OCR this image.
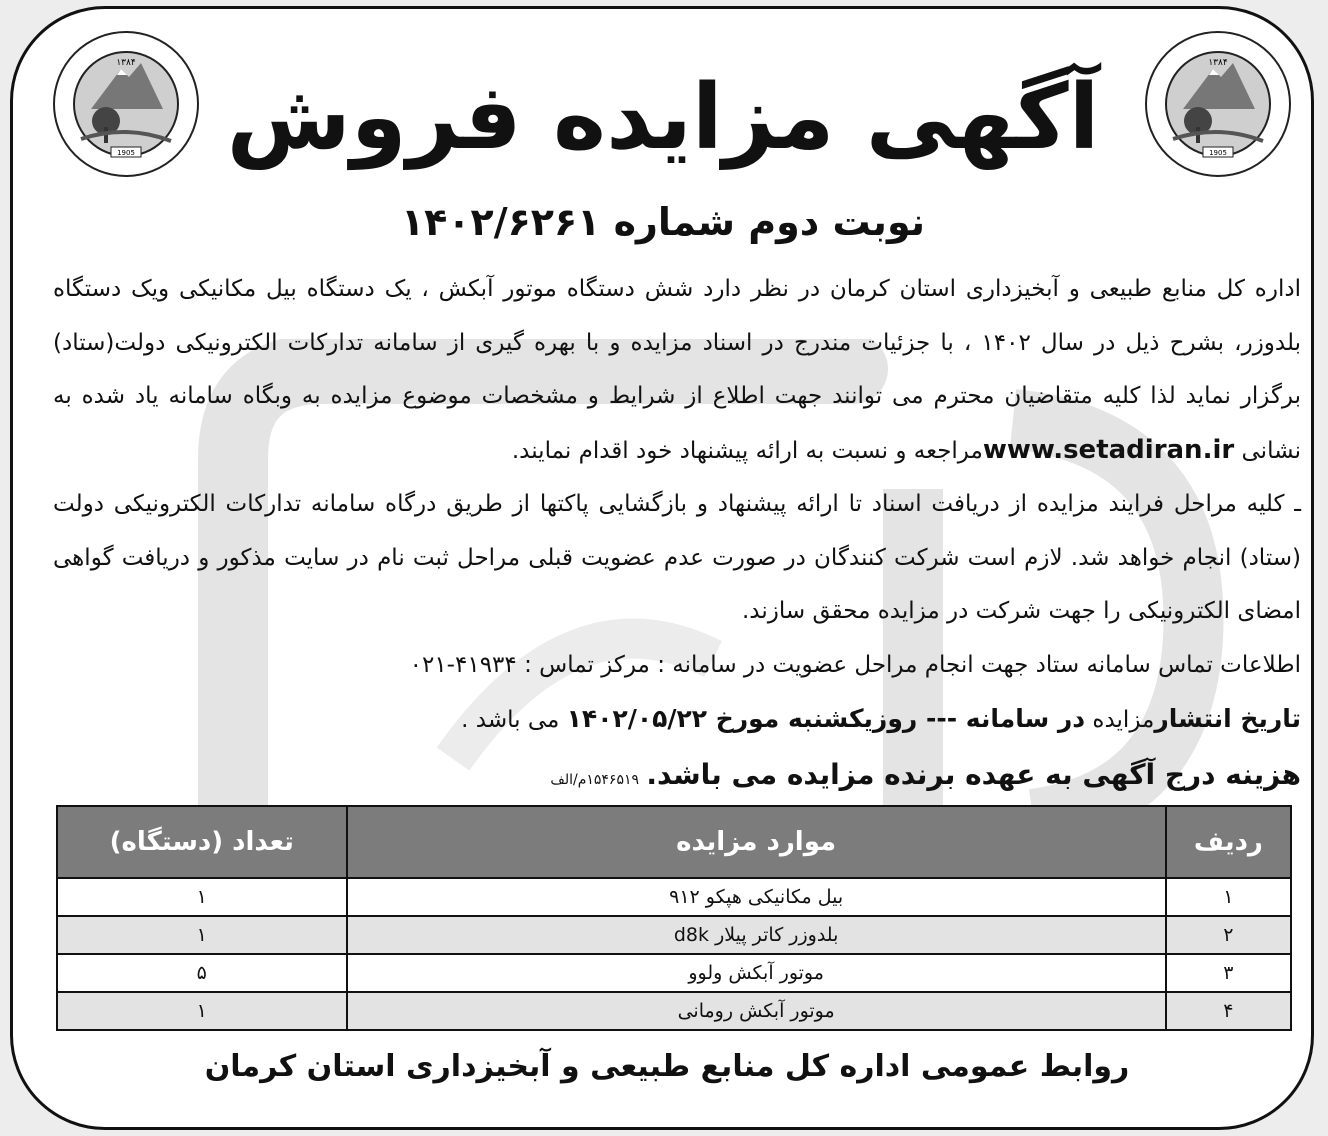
۱۳۸۴
1905
۱۳۸۴
1905
آگهی مزایده فروش
نوبت دوم شماره ۱۴۰۲/۶۲۶۱

اداره کل منابع طبیعی و آبخیزداری استان کرمان در نظر دارد شش دستگاه موتور آبکش ، یک دستگاه بیل مکانیکی ویک دستگاه بلدوزر، بشرح ذیل در سال ۱۴۰۲ ، با جزئیات مندرج در اسناد مزایده و با بهره گیری از سامانه تدارکات الکترونیکی دولت(ستاد) برگزار نماید لذا کلیه متقاضیان محترم می توانند جهت اطلاع از شرایط و مشخصات موضوع مزایده به وبگاه سامانه یاد شده به نشانی www.setadiran.irمراجعه و نسبت به ارائه پیشنهاد خود اقدام نمایند.

ـ کلیه مراحل فرایند مزایده از دریافت اسناد تا ارائه پیشنهاد و بازگشایی پاکتها از طریق درگاه سامانه تدارکات الکترونیکی دولت (ستاد) انجام خواهد شد. لازم است شرکت کنندگان در صورت عدم عضویت قبلی مراحل ثبت نام در سایت مذکور و دریافت گواهی امضای الکترونیکی را جهت شرکت در مزایده محقق سازند.

اطلاعات تماس سامانه ستاد جهت انجام مراحل عضویت در سامانه : مرکز تماس : ۴۱۹۳۴-۰۲۱

تاریخ انتشارمزایده در سامانه --- روزیکشنبه مورخ ۱۴۰۲/۰۵/۲۲ می باشد .

هزینه درج آگهی به عهده برنده مزایده می باشد. ۱۵۴۶۵۱۹م/الف

ردیف	موارد مزایده	تعداد (دستگاه)
۱	بیل مکانیکی هپکو ۹۱۲	۱
۲	بلدوزر کاتر پیلار d8k	۱
۳	موتور آبکش ولوو	۵
۴	موتور آبکش رومانی	۱
روابط عمومی اداره کل منابع طبیعی و آبخیزداری استان کرمان
